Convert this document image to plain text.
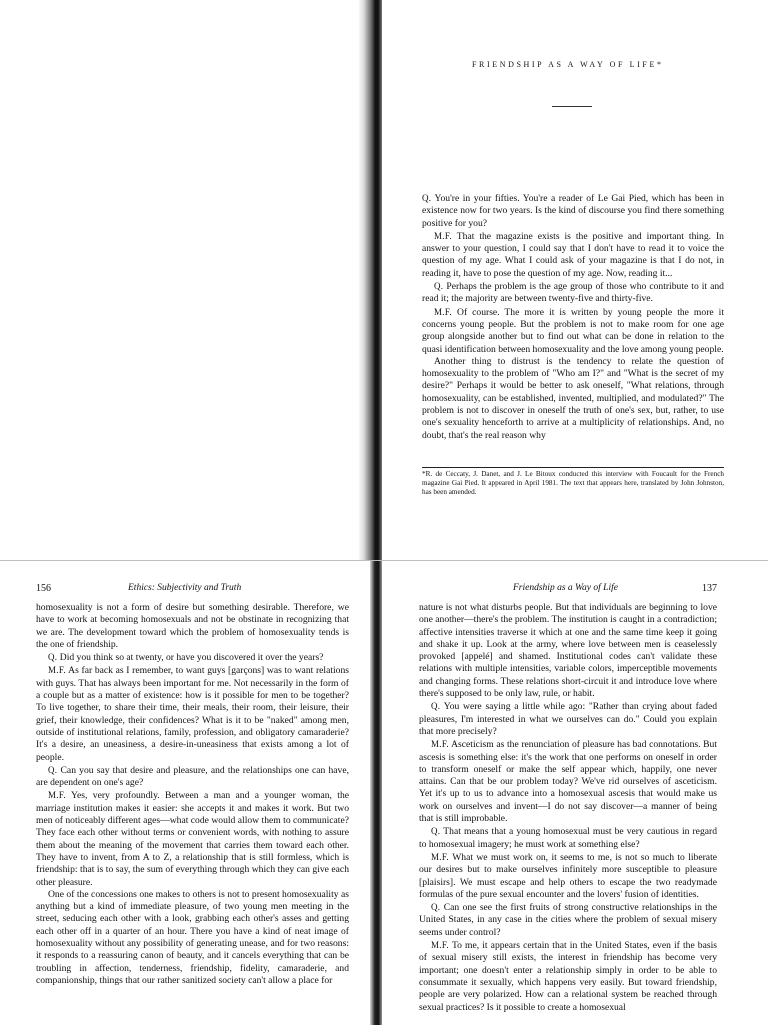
FRIENDSHIP AS A WAY OF LIFE*

Q. You're in your fifties. You're a reader of Le Gai Pied, which has been in existence now for two years. Is the kind of discourse you find there something positive for you?

M.F. That the magazine exists is the positive and important thing. In answer to your question, I could say that I don't have to read it to voice the question of my age. What I could ask of your magazine is that I do not, in reading it, have to pose the question of my age. Now, reading it...

Q. Perhaps the problem is the age group of those who contribute to it and read it; the majority are between twenty-five and thirty-five.

M.F. Of course. The more it is written by young people the more it concerns young people. But the problem is not to make room for one age group alongside another but to find out what can be done in relation to the quasi identification between homosexuality and the love among young people.

Another thing to distrust is the tendency to relate the question of homosexuality to the problem of "Who am I?" and "What is the secret of my desire?" Perhaps it would be better to ask oneself, "What relations, through homosexuality, can be established, invented, multiplied, and modulated?" The problem is not to discover in oneself the truth of one's sex, but, rather, to use one's sexuality henceforth to arrive at a multiplicity of relationships. And, no doubt, that's the real reason why

*R. de Ceccaty, J. Danet, and J. Le Bitoux conducted this interview with Foucault for the French magazine Gai Pied. It appeared in April 1981. The text that appears here, translated by John Johnston, has been amended.
156	Ethics: Subjectivity and Truth

homosexuality is not a form of desire but something desirable. Therefore, we have to work at becoming homosexuals and not be obstinate in recognizing that we are. The development toward which the problem of homosexuality tends is the one of friendship.

Q. Did you think so at twenty, or have you discovered it over the years?

M.F. As far back as I remember, to want guys [garçons] was to want relations with guys. That has always been important for me. Not necessarily in the form of a couple but as a matter of existence: how is it possible for men to be together? To live together, to share their time, their meals, their room, their leisure, their grief, their knowledge, their confidences? What is it to be "naked" among men, outside of institutional relations, family, profession, and obligatory camaraderie? It's a desire, an uneasiness, a desire-in-uneasiness that exists among a lot of people.

Q. Can you say that desire and pleasure, and the relationships one can have, are dependent on one's age?

M.F. Yes, very profoundly. Between a man and a younger woman, the marriage institution makes it easier: she accepts it and makes it work. But two men of noticeably different ages—what code would allow them to communicate? They face each other without terms or convenient words, with nothing to assure them about the meaning of the movement that carries them toward each other. They have to invent, from A to Z, a relationship that is still formless, which is friendship: that is to say, the sum of everything through which they can give each other pleasure.

One of the concessions one makes to others is not to present homosexuality as anything but a kind of immediate pleasure, of two young men meeting in the street, seducing each other with a look, grabbing each other's asses and getting each other off in a quarter of an hour. There you have a kind of neat image of homosexuality without any possibility of generating unease, and for two reasons: it responds to a reassuring canon of beauty, and it cancels everything that can be troubling in affection, tenderness, friendship, fidelity, camaraderie, and companionship, things that our rather sanitized society can't allow a place for

Friendship as a Way of Life	137

nature is not what disturbs people. But that individuals are beginning to love one another—there's the problem. The institution is caught in a contradiction; affective intensities traverse it which at one and the same time keep it going and shake it up. Look at the army, where love between men is ceaselessly provoked [appelé] and shamed. Institutional codes can't validate these relations with multiple intensities, variable colors, imperceptible movements and changing forms. These relations short-circuit it and introduce love where there's supposed to be only law, rule, or habit.

Q. You were saying a little while ago: "Rather than crying about faded pleasures, I'm interested in what we ourselves can do." Could you explain that more precisely?

M.F. Asceticism as the renunciation of pleasure has bad connotations. But ascesis is something else: it's the work that one performs on oneself in order to transform oneself or make the self appear which, happily, one never attains. Can that be our problem today? We've rid ourselves of asceticism. Yet it's up to us to advance into a homosexual ascesis that would make us work on ourselves and invent—I do not say discover—a manner of being that is still improbable.

Q. That means that a young homosexual must be very cautious in regard to homosexual imagery; he must work at something else?

M.F. What we must work on, it seems to me, is not so much to liberate our desires but to make ourselves infinitely more susceptible to pleasure [plaisirs]. We must escape and help others to escape the two readymade formulas of the pure sexual encounter and the lovers' fusion of identities.

Q. Can one see the first fruits of strong constructive relationships in the United States, in any case in the cities where the problem of sexual misery seems under control?

M.F. To me, it appears certain that in the United States, even if the basis of sexual misery still exists, the interest in friendship has become very important; one doesn't enter a relationship simply in order to be able to consummate it sexually, which happens very easily. But toward friendship, people are very polarized. How can a relational system be reached through sexual practices? Is it possible to create a homosexual
